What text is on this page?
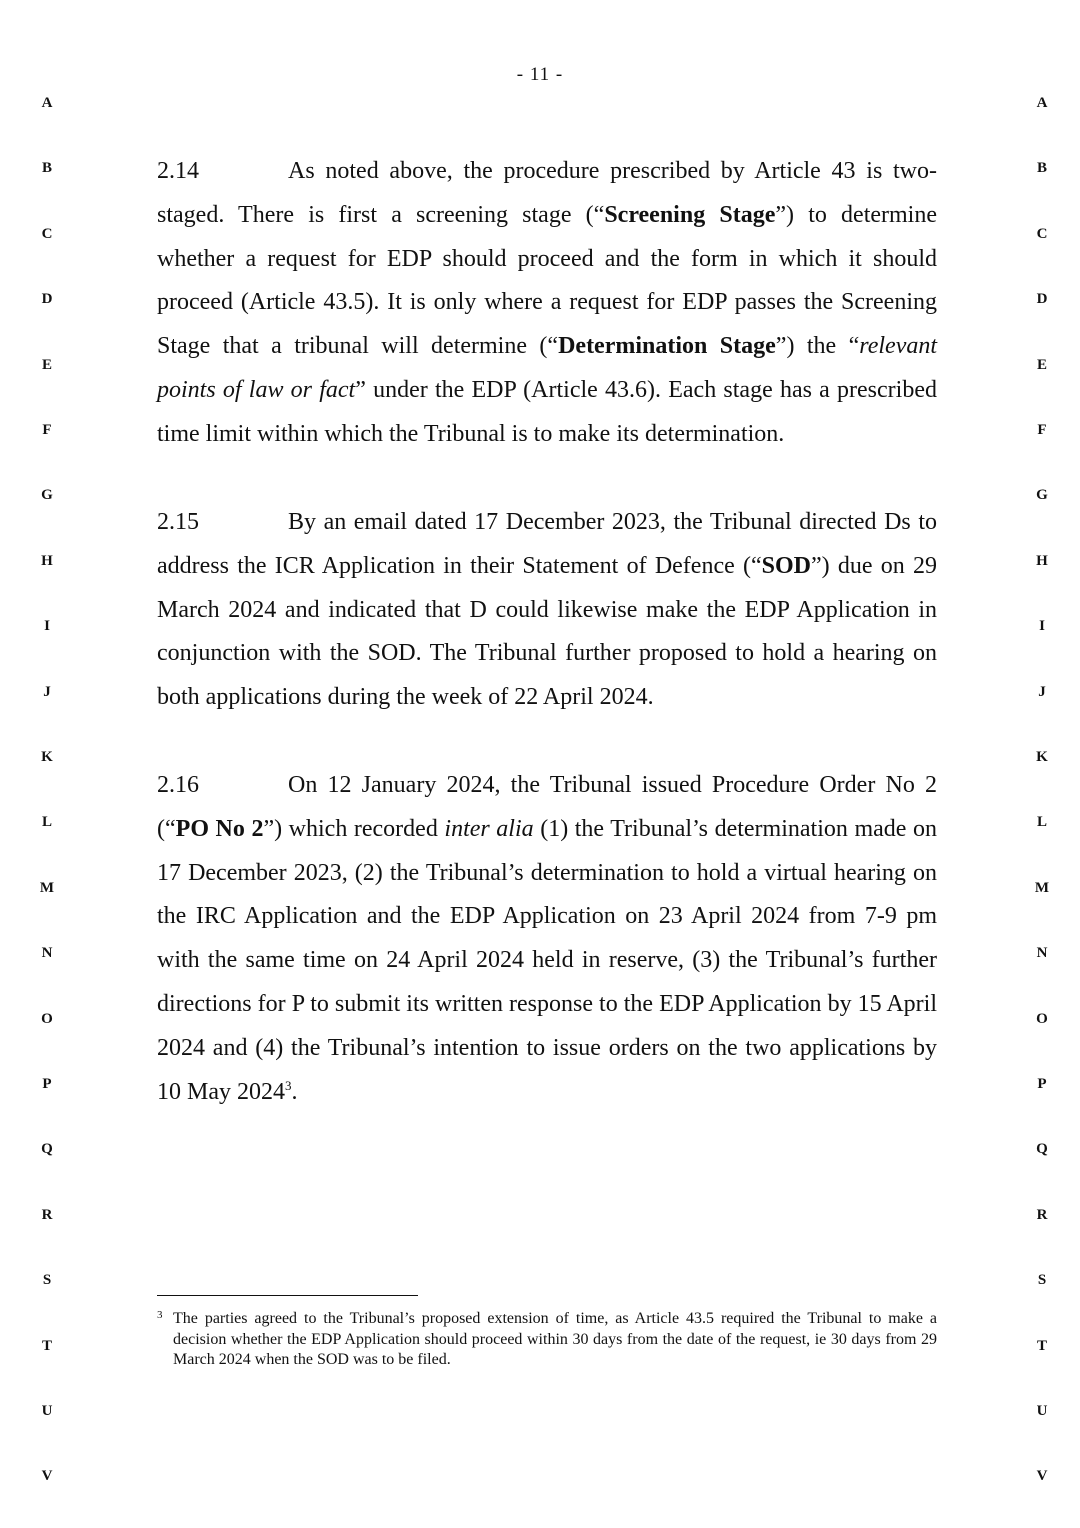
- 11 -
A
B
C
D
E
F
G
H
I
J
K
L
M
N
O
P
Q
R
S
T
U
V
A
B
C
D
E
F
G
H
I
J
K
L
M
N
O
P
Q
R
S
T
U
V

2.14	As noted above, the procedure prescribed by Article 43 is two-staged. There is first a screening stage (“Screening Stage”) to determine whether a request for EDP should proceed and the form in which it should proceed (Article 43.5). It is only where a request for EDP passes the Screening Stage that a tribunal will determine (“Determination Stage”) the “relevant points of law or fact” under the EDP (Article 43.6). Each stage has a prescribed time limit within which the Tribunal is to make its determination.

2.15	By an email dated 17 December 2023, the Tribunal directed Ds to address the ICR Application in their Statement of Defence (“SOD”) due on 29 March 2024 and indicated that D could likewise make the EDP Application in conjunction with the SOD. The Tribunal further proposed to hold a hearing on both applications during the week of 22 April 2024.

2.16	On 12 January 2024, the Tribunal issued Procedure Order No 2 (“PO No 2”) which recorded inter alia (1) the Tribunal’s determination made on 17 December 2023, (2) the Tribunal’s determination to hold a virtual hearing on the IRC Application and the EDP Application on 23 April 2024 from 7-9 pm with the same time on 24 April 2024 held in reserve, (3) the Tribunal’s further directions for P to submit its written response to the EDP Application by 15 April 2024 and (4) the Tribunal’s intention to issue orders on the two applications by 10 May 2024$^3$.

3 The parties agreed to the Tribunal’s proposed extension of time, as Article 43.5 required the Tribunal to make a decision whether the EDP Application should proceed within 30 days from the date of the request, ie 30 days from 29 March 2024 when the SOD was to be filed.
